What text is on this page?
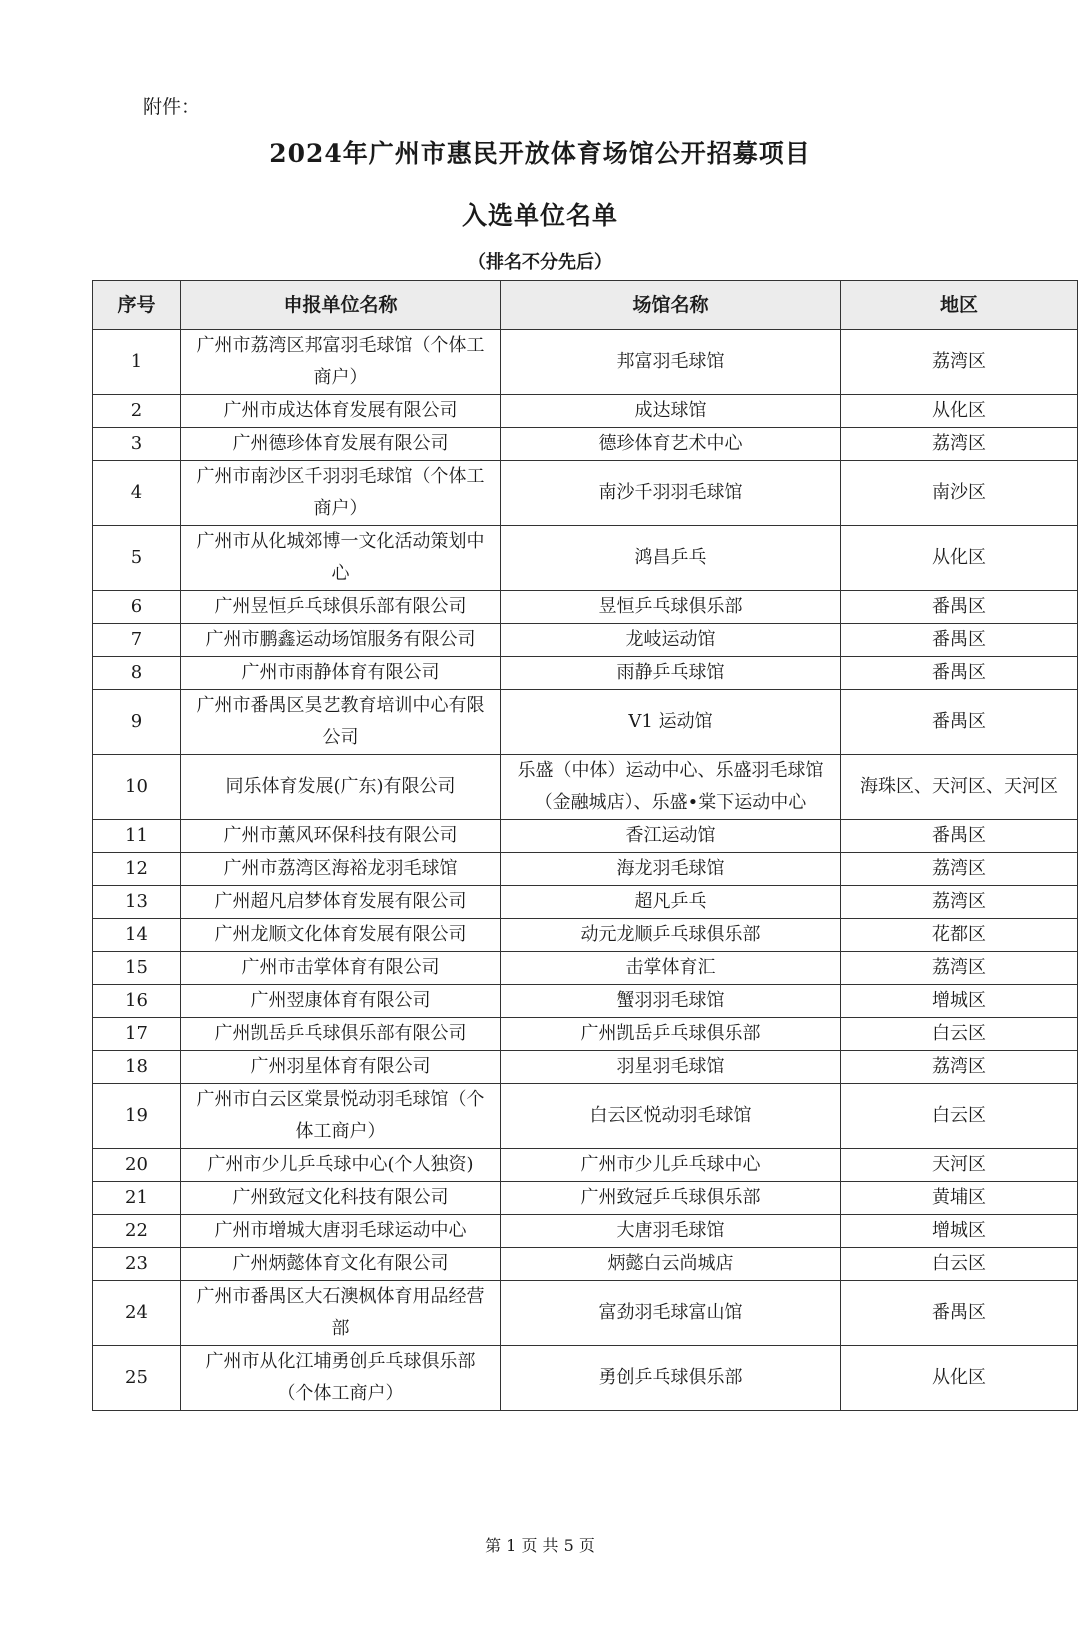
附件：
2024年广州市惠民开放体育场馆公开招募项目
入选单位名单
（排名不分先后）
序号	申报单位名称	场馆名称	地区
1	广州市荔湾区邦富羽毛球馆（个体工商户）	邦富羽毛球馆	荔湾区
2	广州市成达体育发展有限公司	成达球馆	从化区
3	广州德珍体育发展有限公司	德珍体育艺术中心	荔湾区
4	广州市南沙区千羽羽毛球馆（个体工商户）	南沙千羽羽毛球馆	南沙区
5	广州市从化城郊博一文化活动策划中心	鸿昌乒乓	从化区
6	广州昱恒乒乓球俱乐部有限公司	昱恒乒乓球俱乐部	番禺区
7	广州市鹏鑫运动场馆服务有限公司	龙岐运动馆	番禺区
8	广州市雨静体育有限公司	雨静乒乓球馆	番禺区
9	广州市番禺区昊艺教育培训中心有限公司	V1 运动馆	番禺区
10	同乐体育发展(广东)有限公司	乐盛（中体）运动中心、乐盛羽毛球馆（金融城店）、乐盛•棠下运动中心	海珠区、天河区、天河区
11	广州市薰风环保科技有限公司	香江运动馆	番禺区
12	广州市荔湾区海裕龙羽毛球馆	海龙羽毛球馆	荔湾区
13	广州超凡启梦体育发展有限公司	超凡乒乓	荔湾区
14	广州龙顺文化体育发展有限公司	动元龙顺乒乓球俱乐部	花都区
15	广州市击掌体育有限公司	击掌体育汇	荔湾区
16	广州翌康体育有限公司	蟹羽羽毛球馆	增城区
17	广州凯岳乒乓球俱乐部有限公司	广州凯岳乒乓球俱乐部	白云区
18	广州羽星体育有限公司	羽星羽毛球馆	荔湾区
19	广州市白云区棠景悦动羽毛球馆（个体工商户）	白云区悦动羽毛球馆	白云区
20	广州市少儿乒乓球中心(个人独资)	广州市少儿乒乓球中心	天河区
21	广州致冠文化科技有限公司	广州致冠乒乓球俱乐部	黄埔区
22	广州市增城大唐羽毛球运动中心	大唐羽毛球馆	增城区
23	广州炳懿体育文化有限公司	炳懿白云尚城店	白云区
24	广州市番禺区大石澳枫体育用品经营部	富劲羽毛球富山馆	番禺区
25	广州市从化江埔勇创乒乓球俱乐部（个体工商户）	勇创乒乓球俱乐部	从化区
第 1 页 共 5 页
